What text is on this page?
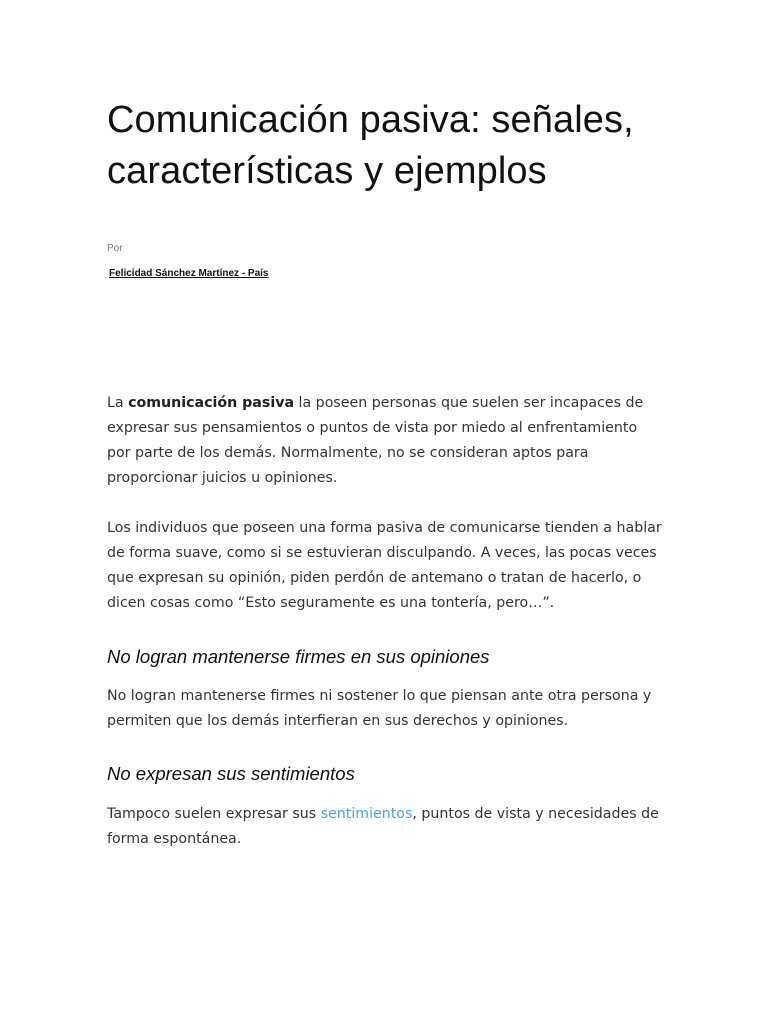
Comunicación pasiva: señales, características y ejemplos
Por
Felicidad Sánchez Martínez - País

La comunicación pasiva la poseen personas que suelen ser incapaces de expresar sus pensamientos o puntos de vista por miedo al enfrentamiento por parte de los demás. Normalmente, no se consideran aptos para proporcionar juicios u opiniones.

Los individuos que poseen una forma pasiva de comunicarse tienden a hablar de forma suave, como si se estuvieran disculpando. A veces, las pocas veces que expresan su opinión, piden perdón de antemano o tratan de hacerlo, o dicen cosas como “Esto seguramente es una tontería, pero…”.

No logran mantenerse firmes en sus opiniones

No logran mantenerse firmes ni sostener lo que piensan ante otra persona y permiten que los demás interfieran en sus derechos y opiniones.

No expresan sus sentimientos

Tampoco suelen expresar sus sentimientos, puntos de vista y necesidades de forma espontánea.
